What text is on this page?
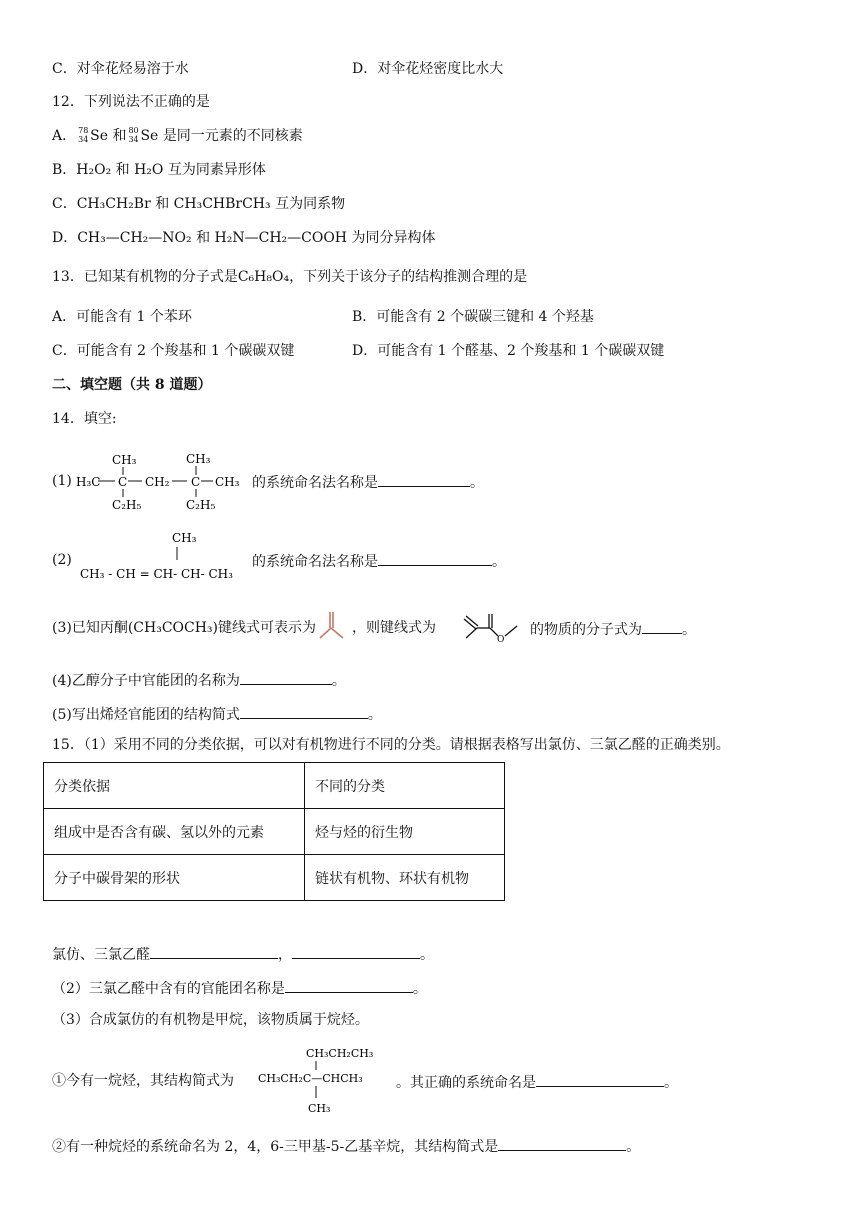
C．对伞花烃易溶于水	D．对伞花烃密度比水大
12．下列说法不正确的是
A． 78
34 Se 和 80
34 Se 是同一元素的不同核素
B．H₂O₂ 和 H₂O 互为同素异形体
C．CH₃CH₂Br 和 CH₃CHBrCH₃ 互为同系物
D．CH₃—CH₂—NO₂ 和 H₂N—CH₂—COOH 为同分异构体
13．已知某有机物的分子式是C₆H₈O₄，下列关于该分子的结构推测合理的是
A．可能含有 1 个苯环	B．可能含有 2 个碳碳三键和 4 个羟基
C．可能含有 2 个羧基和 1 个碳碳双键	D．可能含有 1 个醛基、2 个羧基和 1 个碳碳双键
二、填空题（共 8 道题）
14．填空:
(1)
CH₃	CH₃
H₃C C CH₂ C CH₃
C₂H₅	C₂H₅
的系统命名法名称是	。
(2)
CH₃
CH₃ - CH = CH- CH- CH₃
的系统命名法名称是	。
(3)已知丙酮(CH₃COCH₃)键线式可表示为	，则键线式为
O
的物质的分子式为	。
(4)乙醇分子中官能团的名称为	。
(5)写出烯烃官能团的结构简式	。
15．（1）采用不同的分类依据，可以对有机物进行不同的分类。请根据表格写出氯仿、三氯乙醛的正确类别。
分类依据	不同的分类
组成中是否含有碳、氢以外的元素	烃与烃的衍生物
分子中碳骨架的形状	链状有机物、环状有机物
氯仿、三氯乙醛	，	。
（2）三氯乙醛中含有的官能团名称是	。
（3）合成氯仿的有机物是甲烷，该物质属于烷烃。
①今有一烷烃，其结构简式为
CH₃CH₂CH₃
CH₃CH₂C—CHCH₃
CH₃
。其正确的系统命名是	。
②有一种烷烃的系统命名为 2，4，6-三甲基-5-乙基辛烷，其结构简式是	。
